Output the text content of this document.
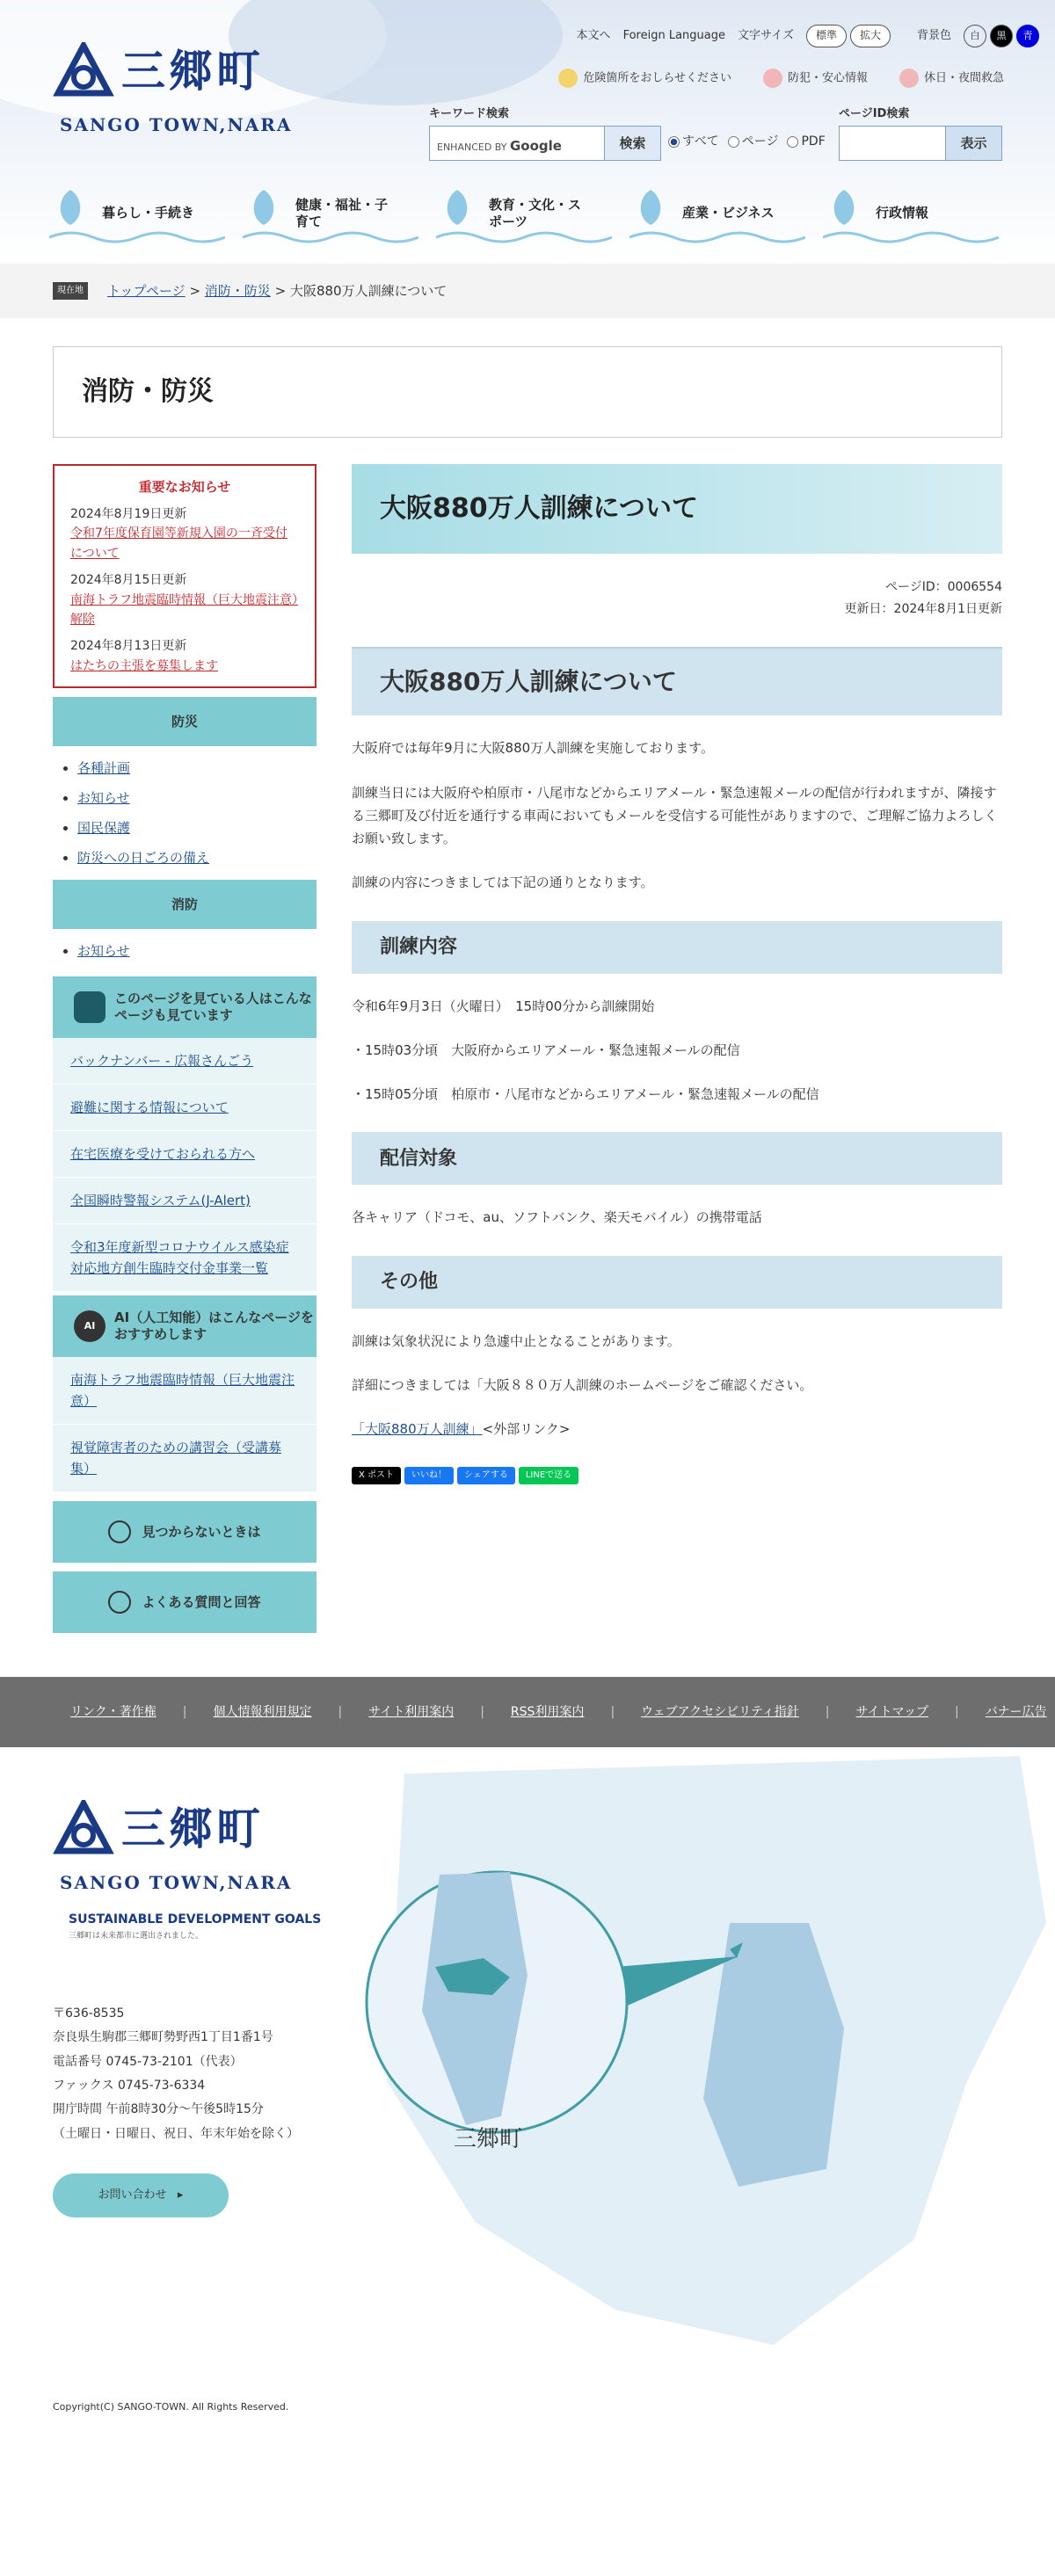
三郷町
SANGO TOWN,NARA
本文へ Foreign Language 文字サイズ	標準	拡大	背景色	白	黒	青
危険箇所をおしらせください	防犯・安心情報	休日・夜間救急
キーワード検索
ENHANCED BY Google	検索	すべて	ページ	PDF
ページID検索
表示
暮らし・手続き
健康・福祉・子育て
教育・文化・スポーツ
産業・ビジネス	行政情報
現在地	トップページ
>
消防・防災
>
大阪880万人訓練について
消防・防災
重要なお知らせ
2024年8月19日更新
令和7年度保育園等新規入園の一斉受付について
2024年8月15日更新
南海トラフ地震臨時情報（巨大地震注意）解除
2024年8月13日更新
はたちの主張を募集します
防災
• 各種計画
• お知らせ
• 国民保護
• 防災への日ごろの備え
消防
• お知らせ
このページを見ている人はこんなページも見ています
バックナンバー - 広報さんごう
避難に関する情報について
在宅医療を受けておられる方へ
全国瞬時警報システム(J-Alert)
令和3年度新型コロナウイルス感染症対応地方創生臨時交付金事業一覧
AI
AI（人工知能）はこんなページをおすすめします
南海トラフ地震臨時情報（巨大地震注意）
視覚障害者のための講習会（受講募集）
見つからないときは
よくある質問と回答
大阪880万人訓練について
ページID：0006554
更新日：2024年8月1日更新
大阪880万人訓練について

大阪府では毎年9月に大阪880万人訓練を実施しております。

訓練当日には大阪府や柏原市・八尾市などからエリアメール・緊急速報メールの配信が行われますが、隣接する三郷町及び付近を通行する車両においてもメールを受信する可能性がありますので、ご理解ご協力よろしくお願い致します。

訓練の内容につきましては下記の通りとなります。

訓練内容

令和6年9月3日（火曜日）　15時00分から訓練開始

・15時03分頃　大阪府からエリアメール・緊急速報メールの配信

・15時05分頃　柏原市・八尾市などからエリアメール・緊急速報メールの配信

配信対象

各キャリア（ドコモ、au、ソフトバンク、楽天モバイル）の携帯電話

その他

訓練は気象状況により急遽中止となることがあります。

詳細につきましては「大阪８８０万人訓練のホームページをご確認ください。

「大阪880万人訓練」<外部リンク>

X ポスト	いいね！	シェアする	LINEで送る
リンク・著作権 | 個人情報利用規定 | サイト利用案内 | RSS利用案内 | ウェブアクセシビリティ指針 | サイトマップ | バナー広告
三郷町
三郷町
SANGO TOWN,NARA
SUSTAINABLE DEVELOPMENT GOALS
三郷町は未来都市に選出されました。
〒636-8535
奈良県生駒郡三郷町勢野西1丁目1番1号
電話番号 0745-73-2101（代表）
ファックス 0745-73-6334
開庁時間 午前8時30分～午後5時15分
（土曜日・日曜日、祝日、年末年始を除く）
お問い合わせ   ▸
Copyright(C) SANGO-TOWN. All Rights Reserved.
